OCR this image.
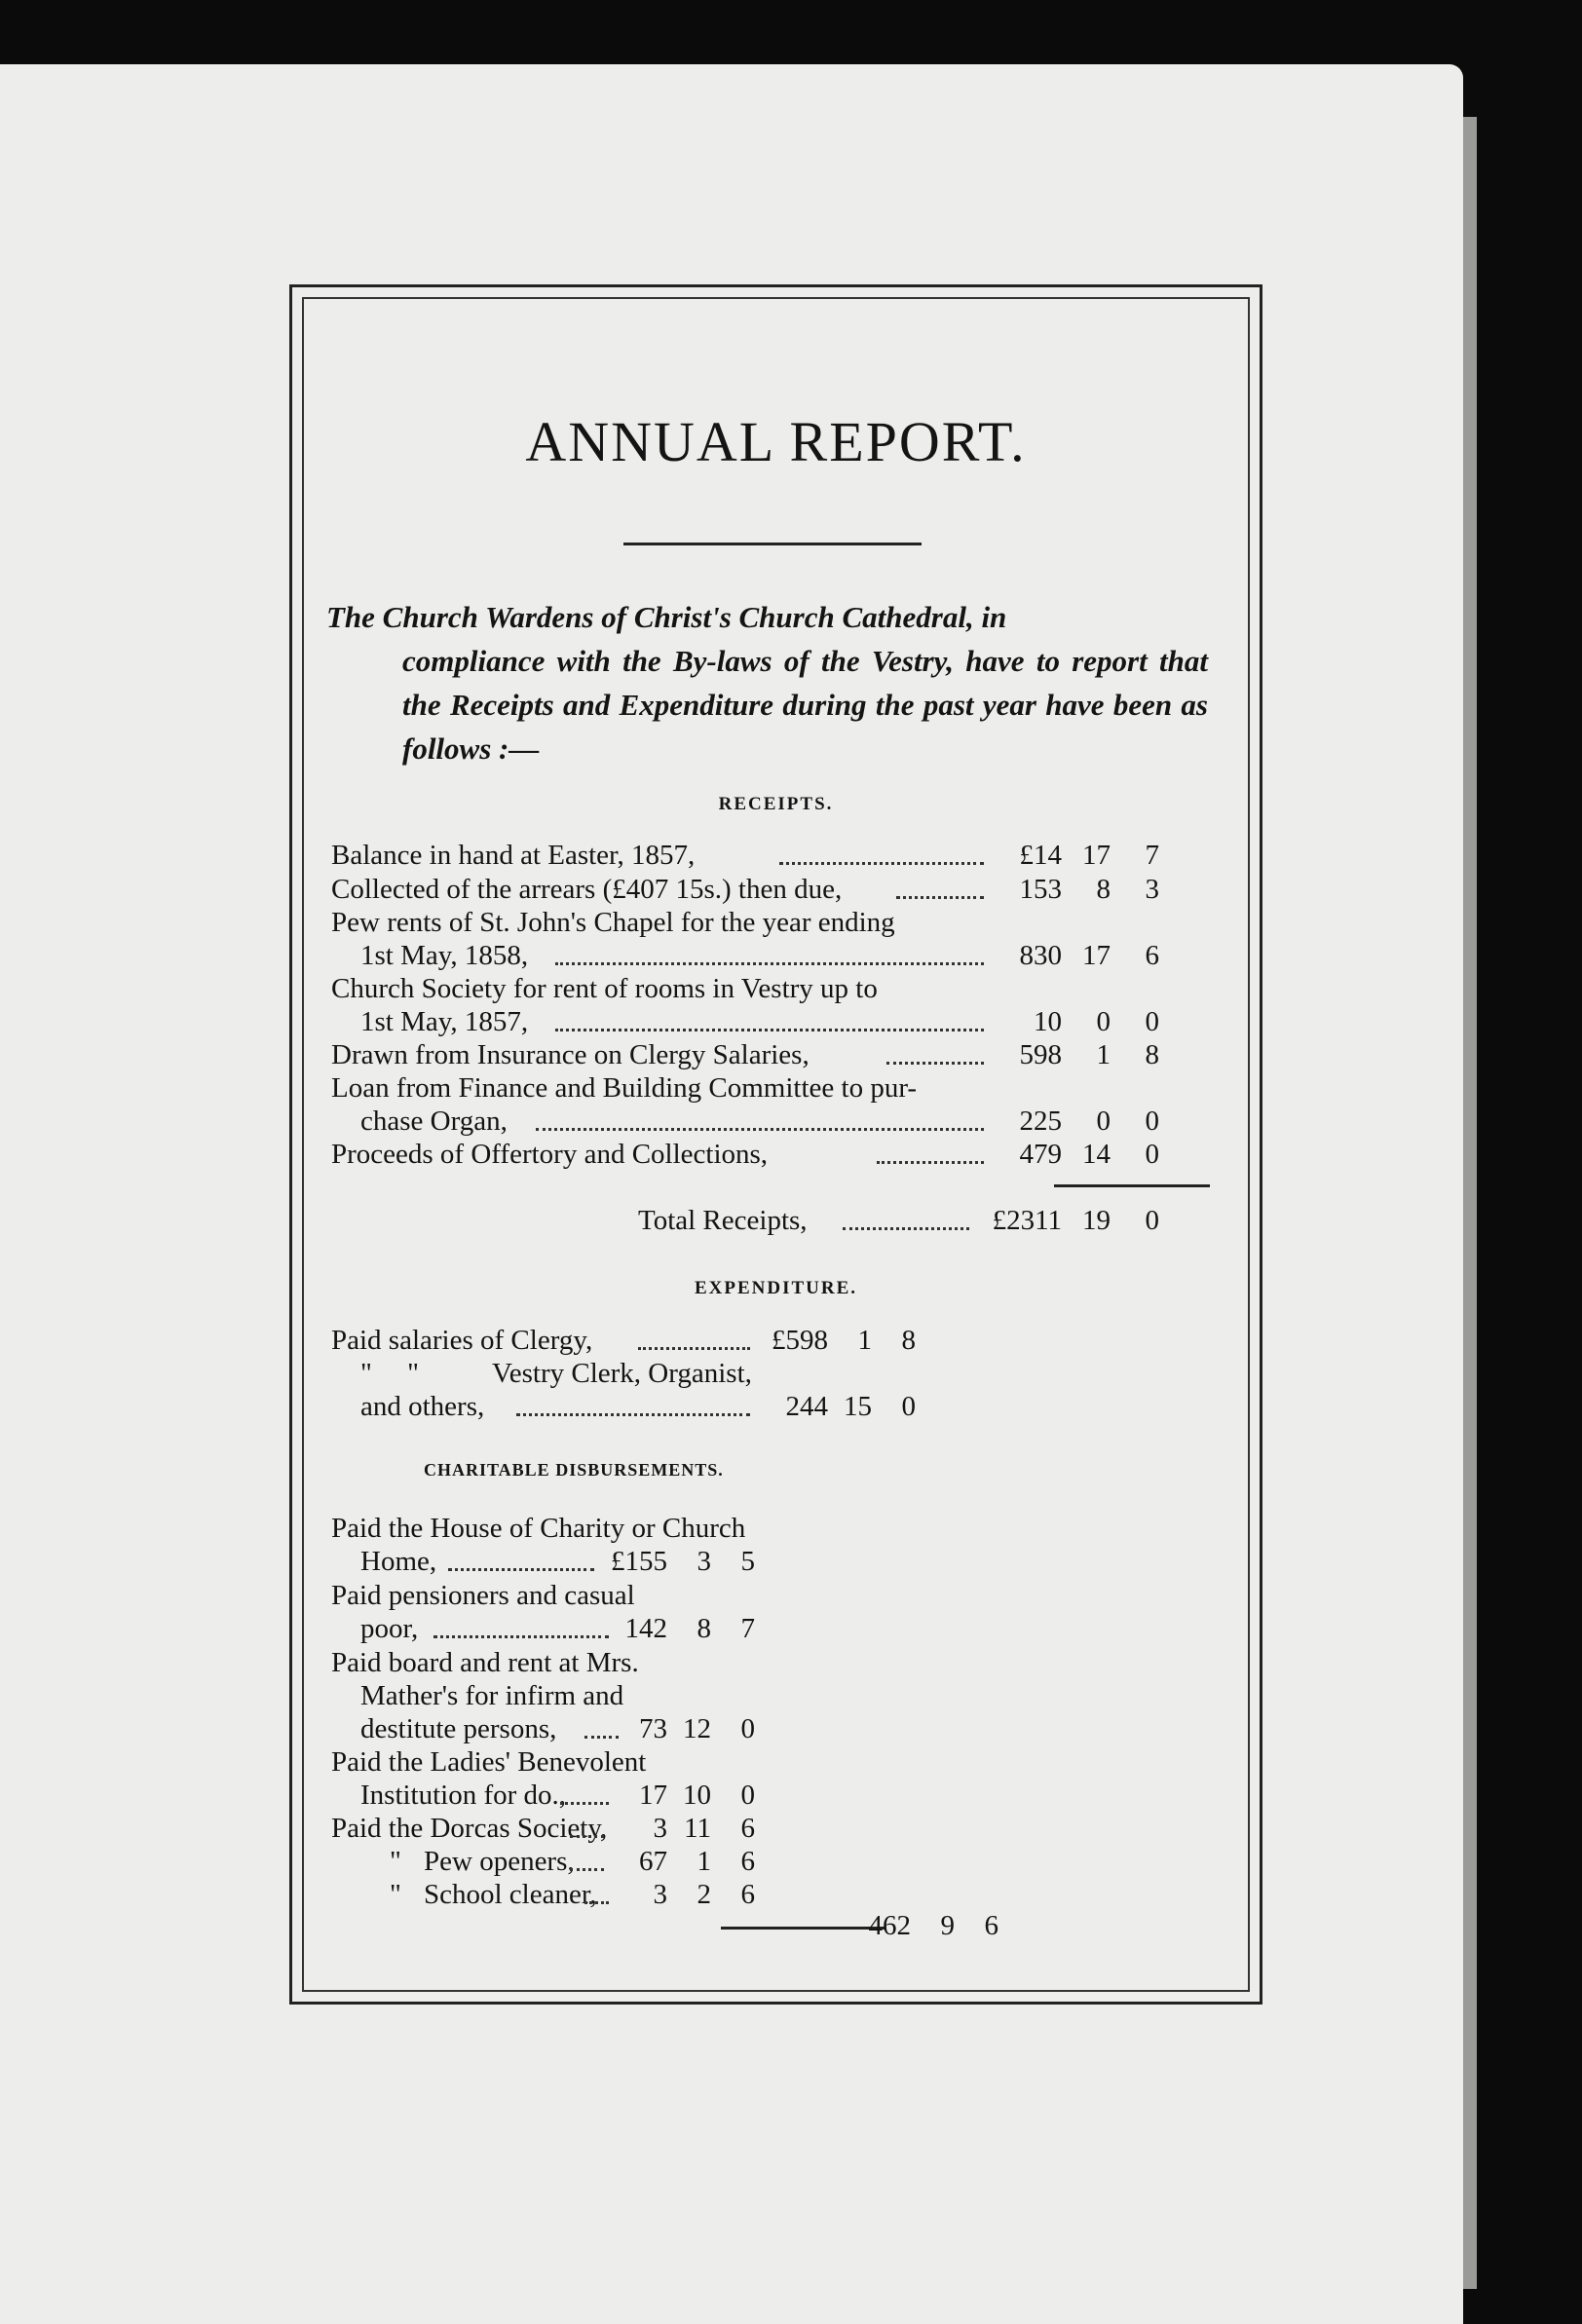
ANNUAL REPORT.
The Church Wardens of Christ's Church Cathedral, in
compliance with the By-laws of the Vestry, have to report that the Receipts and Expenditure during the past year have been as follows :—
RECEIPTS.
Balance in hand at Easter, 1857,	£14 17	7
Collected of the arrears (£407 15s.) then due,	153	8	3
Pew rents of St. John's Chapel for the year ending
1st May, 1858,	830 17	6
Church Society for rent of rooms in Vestry up to
1st May, 1857,	10	0	0
Drawn from Insurance on Clergy Salaries,	598	1	8
Loan from Finance and Building Committee to pur-
chase Organ,	225	0	0
Proceeds of Offertory and Collections,	479 14	0
Total Receipts,	£2311 19	0
EXPENDITURE.
Paid salaries of Clergy,	£598	1	8
"     "	Vestry Clerk, Organist,
and others,	244 15	0
CHARITABLE DISBURSEMENTS.
Paid the House of Charity or Church
Home,	£155	3	5
Paid pensioners and casual
poor,	142	8	7
Paid board and rent at Mrs.
Mather's for infirm and
destitute persons,	73 12	0
Paid the Ladies' Benevolent
Institution for do.,	17 10	0
Paid the Dorcas Society,	3 11	6
" Pew openers,	67	1	6
" School cleaner,	3	2	6
462	9	6
